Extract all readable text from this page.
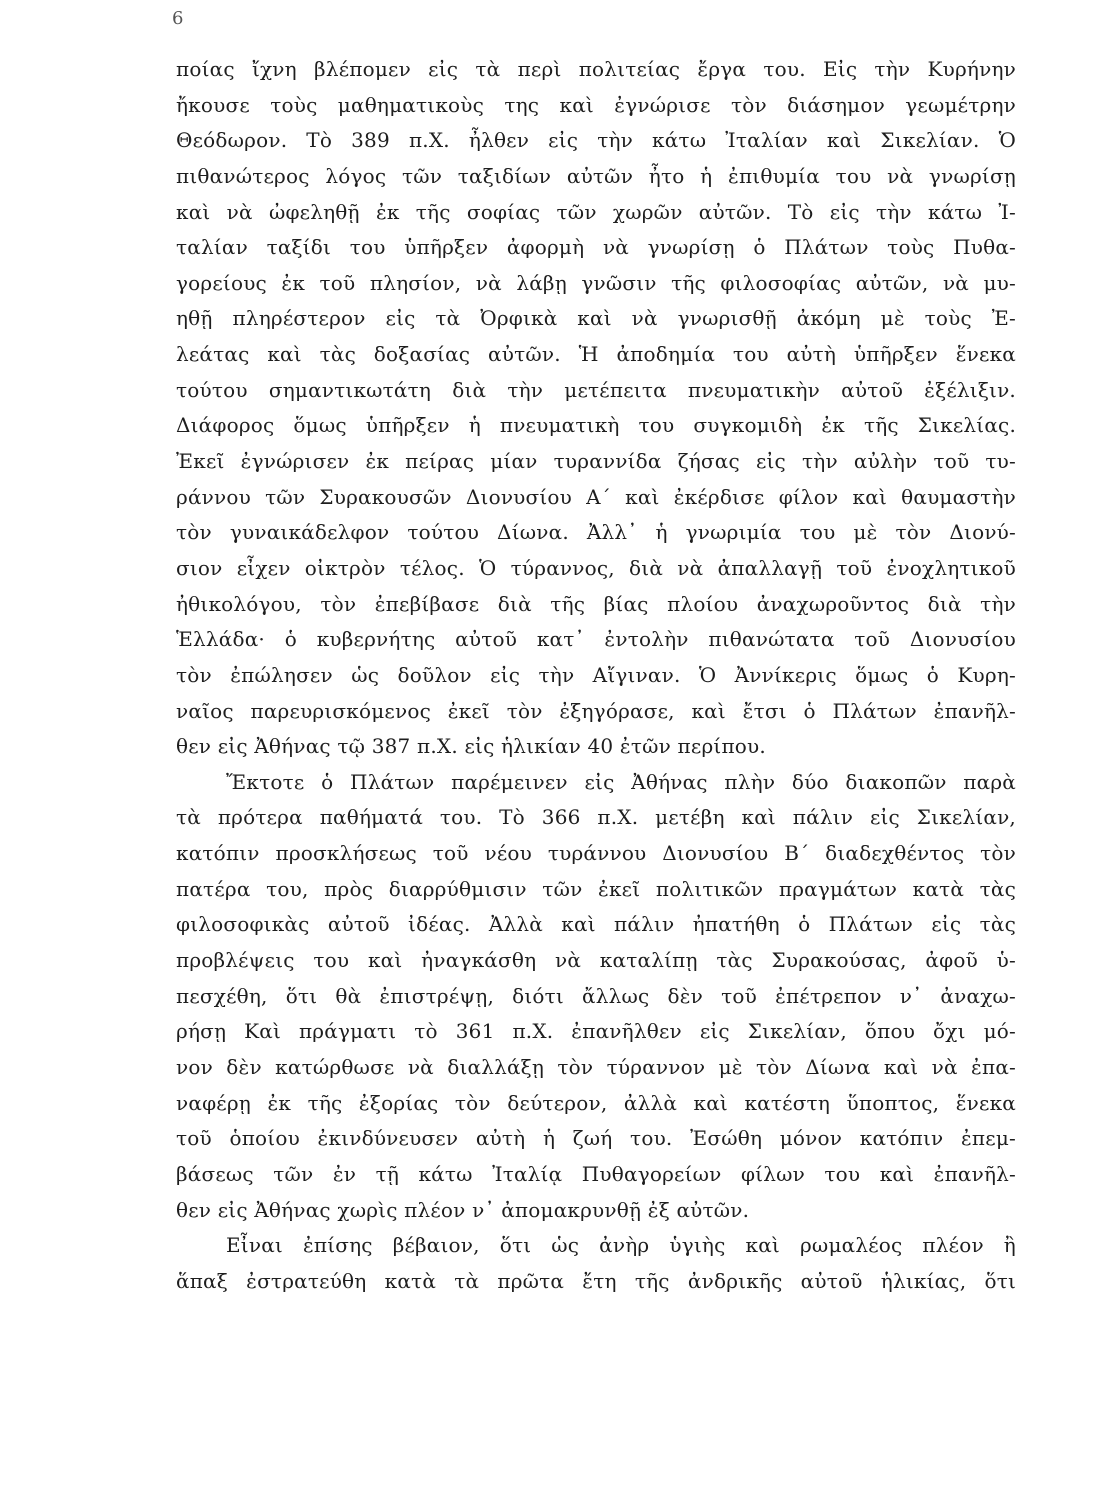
6
ποίας ἴχνη βλέπομεν εἰς τὰ περὶ πολιτείας ἔργα του. Εἰς τὴν Κυρήνην
ἤκουσε τοὺς μαθηματικοὺς της καὶ ἐγνώρισε τὸν διάσημον γεωμέτρην
Θεόδωρον. Τὸ 389 π.Χ. ἦλθεν εἰς τὴν κάτω Ἰταλίαν καὶ Σικελίαν. Ὁ
πιθανώτερος λόγος τῶν ταξιδίων αὐτῶν ἦτο ἡ ἐπιθυμία του νὰ γνωρίσῃ
καὶ νὰ ὠφεληθῇ ἐκ τῆς σοφίας τῶν χωρῶν αὐτῶν. Τὸ εἰς τὴν κάτω Ἰ-
ταλίαν ταξίδι του ὑπῆρξεν ἀφορμὴ νὰ γνωρίσῃ ὁ Πλάτων τοὺς Πυθα-
γορείους ἐκ τοῦ πλησίον, νὰ λάβῃ γνῶσιν τῆς φιλοσοφίας αὐτῶν, νὰ μυ-
ηθῇ πληρέστερον εἰς τὰ Ὀρφικὰ καὶ νὰ γνωρισθῇ ἀκόμη μὲ τοὺς Ἐ-
λεάτας καὶ τὰς δοξασίας αὐτῶν. Ἡ ἀποδημία του αὐτὴ ὑπῆρξεν ἕνεκα
τούτου σημαντικωτάτη διὰ τὴν μετέπειτα πνευματικὴν αὐτοῦ ἐξέλιξιν.
Διάφορος ὅμως ὑπῆρξεν ἡ πνευματικὴ του συγκομιδὴ ἐκ τῆς Σικελίας.
Ἐκεῖ ἐγνώρισεν ἐκ πείρας μίαν τυραννίδα ζήσας εἰς τὴν αὐλὴν τοῦ τυ-
ράννου τῶν Συρακουσῶν Διονυσίου Α΄ καὶ ἐκέρδισε φίλον καὶ θαυμαστὴν
τὸν γυναικάδελφον τούτου Δίωνα. Ἀλλ᾽ ἡ γνωριμία του μὲ τὸν Διονύ-
σιον εἶχεν οἰκτρὸν τέλος. Ὁ τύραννος, διὰ νὰ ἀπαλλαγῇ τοῦ ἐνοχλητικοῦ
ἠθικολόγου, τὸν ἐπεβίβασε διὰ τῆς βίας πλοίου ἀναχωροῦντος διὰ τὴν
Ἑλλάδα· ὁ κυβερνήτης αὐτοῦ κατ᾽ ἐντολὴν πιθανώτατα τοῦ Διονυσίου
τὸν ἐπώλησεν ὡς δοῦλον εἰς τὴν Αἴγιναν. Ὁ Ἀννίκερις ὅμως ὁ Κυρη-
ναῖος παρευρισκόμενος ἐκεῖ τὸν ἐξηγόρασε, καὶ ἔτσι ὁ Πλάτων ἐπανῆλ-
θεν εἰς Ἀθήνας τῷ 387 π.Χ. εἰς ἡλικίαν 40 ἐτῶν περίπου.
Ἔκτοτε ὁ Πλάτων παρέμεινεν εἰς Ἀθήνας πλὴν δύο διακοπῶν παρὰ
τὰ πρότερα παθήματά του. Τὸ 366 π.Χ. μετέβη καὶ πάλιν εἰς Σικελίαν,
κατόπιν προσκλήσεως τοῦ νέου τυράννου Διονυσίου Β΄ διαδεχθέντος τὸν
πατέρα του, πρὸς διαρρύθμισιν τῶν ἐκεῖ πολιτικῶν πραγμάτων κατὰ τὰς
φιλοσοφικὰς αὐτοῦ ἰδέας. Ἀλλὰ καὶ πάλιν ἠπατήθη ὁ Πλάτων εἰς τὰς
προβλέψεις του καὶ ἠναγκάσθη νὰ καταλίπῃ τὰς Συρακούσας, ἀφοῦ ὑ-
πεσχέθη, ὅτι θὰ ἐπιστρέψῃ, διότι ἄλλως δὲν τοῦ ἐπέτρεπον ν᾽ ἀναχω-
ρήσῃ Καὶ πράγματι τὸ 361 π.Χ. ἐπανῆλθεν εἰς Σικελίαν, ὅπου ὄχι μό-
νον δὲν κατώρθωσε νὰ διαλλάξῃ τὸν τύραννον μὲ τὸν Δίωνα καὶ νὰ ἐπα-
ναφέρῃ ἐκ τῆς ἐξορίας τὸν δεύτερον, ἀλλὰ καὶ κατέστη ὕποπτος, ἕνεκα
τοῦ ὁποίου ἐκινδύνευσεν αὐτὴ ἡ ζωή του. Ἐσώθη μόνον κατόπιν ἐπεμ-
βάσεως τῶν ἐν τῇ κάτω Ἰταλίᾳ Πυθαγορείων φίλων του καὶ ἐπανῆλ-
θεν εἰς Ἀθήνας χωρὶς πλέον ν᾽ ἀπομακρυνθῇ ἐξ αὐτῶν.
Εἶναι ἐπίσης βέβαιον, ὅτι ὡς ἀνὴρ ὑγιὴς καὶ ρωμαλέος πλέον ἢ
ἅπαξ ἐστρατεύθη κατὰ τὰ πρῶτα ἔτη τῆς ἀνδρικῆς αὐτοῦ ἡλικίας, ὅτι
